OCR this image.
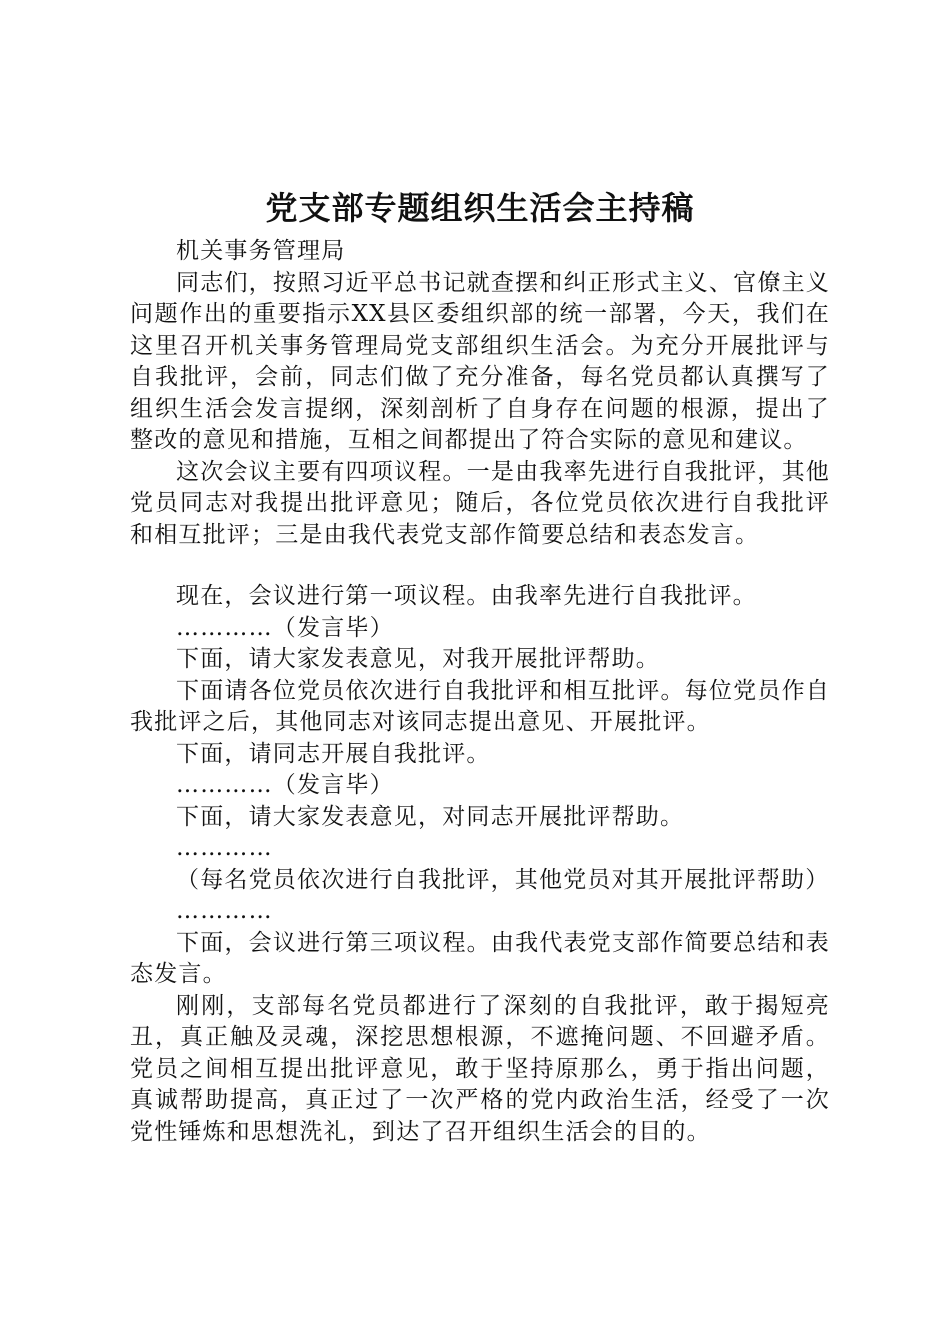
党支部专题组织生活会主持稿

机关事务管理局

同志们，按照习近平总书记就查摆和纠正形式主义、官僚主义问题作出的重要指示XX县区委组织部的统一部署，今天，我们在这里召开机关事务管理局党支部组织生活会。为充分开展批评与自我批评，会前，同志们做了充分准备，每名党员都认真撰写了组织生活会发言提纲，深刻剖析了自身存在问题的根源，提出了整改的意见和措施，互相之间都提出了符合实际的意见和建议。

这次会议主要有四项议程。一是由我率先进行自我批评，其他党员同志对我提出批评意见；随后，各位党员依次进行自我批评和相互批评；三是由我代表党支部作简要总结和表态发言。

现在，会议进行第一项议程。由我率先进行自我批评。

…………（发言毕）

下面，请大家发表意见，对我开展批评帮助。

下面请各位党员依次进行自我批评和相互批评。每位党员作自我批评之后，其他同志对该同志提出意见、开展批评。

下面，请同志开展自我批评。

…………（发言毕）

下面，请大家发表意见，对同志开展批评帮助。

…………

（每名党员依次进行自我批评，其他党员对其开展批评帮助）

…………

下面，会议进行第三项议程。由我代表党支部作简要总结和表态发言。

刚刚，支部每名党员都进行了深刻的自我批评，敢于揭短亮丑，真正触及灵魂，深挖思想根源，不遮掩问题、不回避矛盾。党员之间相互提出批评意见，敢于坚持原那么，勇于指出问题，真诚帮助提高，真正过了一次严格的党内政治生活，经受了一次党性锤炼和思想洗礼，到达了召开组织生活会的目的。
